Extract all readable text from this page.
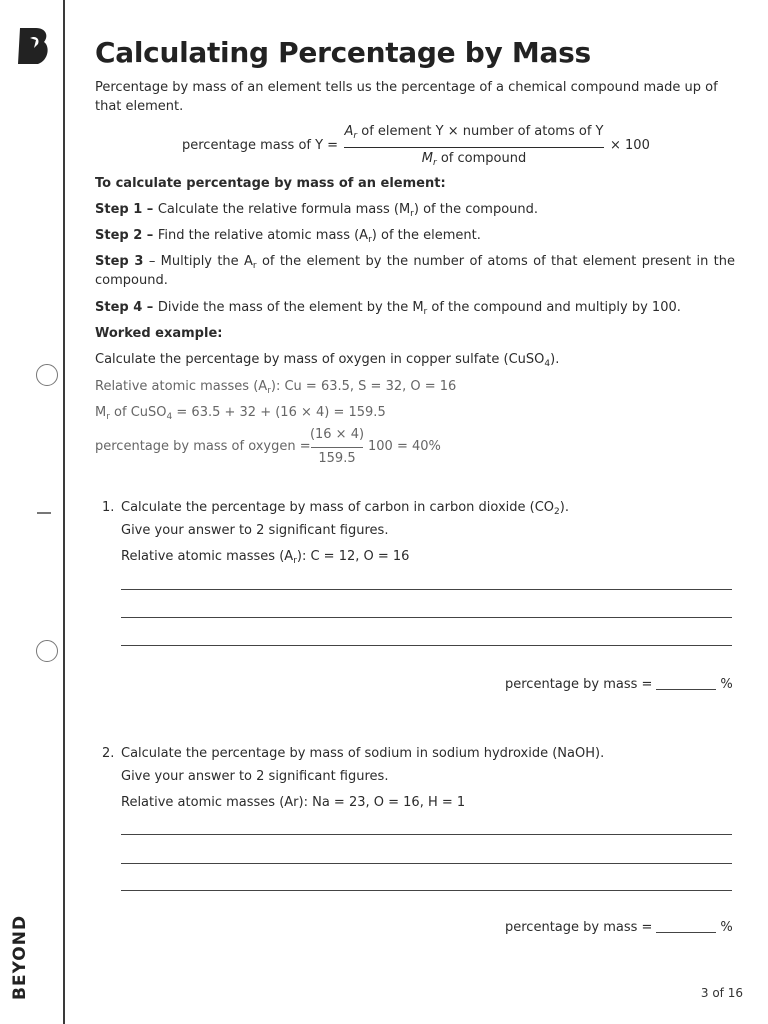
BEYOND
Calculating Percentage by Mass

Percentage by mass of an element tells us the percentage of a chemical compound made up of that element.

percentage mass of Y =
$A_r$ of element Y × number of atoms of Y
$M_r$ of compound
× 100

To calculate percentage by mass of an element:

Step 1 – Calculate the relative formula mass $(M_r)$ of the compound.

Step 2 – Find the relative atomic mass $(A_r)$ of the element.

Step 3 – Multiply the $A_r$ of the element by the number of atoms of that element present in the compound.

Step 4 – Divide the mass of the element by the $M_r$ of the compound and multiply by 100.

Worked example:

Calculate the percentage by mass of oxygen in copper sulfate (CuSO$_4$).

Relative atomic masses $(A_r)$: Cu = 63.5, S = 32, O = 16

$M_r$ of CuSO$_4$ = 63.5 + 32 + (16 × 4) = 159.5

percentage by mass of oxygen =
(16 × 4)
159.5
100 = 40%
1. Calculate the percentage by mass of carbon in carbon dioxide $(CO_2)$.

Give your answer to 2 significant figures.

Relative atomic masses $(A_r)$: C = 12, O = 16

percentage by mass =	%

2. Calculate the percentage by mass of sodium in sodium hydroxide (NaOH).

Give your answer to 2 significant figures.

Relative atomic masses (Ar): Na = 23, O = 16, H = 1

percentage by mass =	%

3 of 16
